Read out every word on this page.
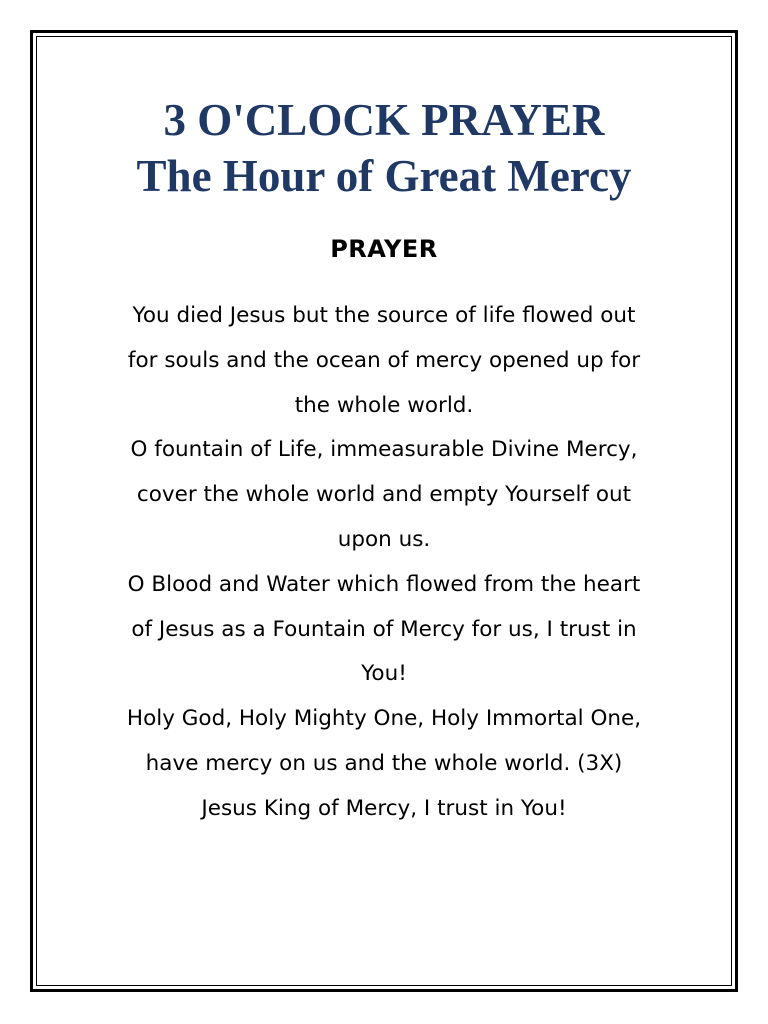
3 O'CLOCK PRAYER
The Hour of Great Mercy
PRAYER
You died Jesus but the source of life flowed out
for souls and the ocean of mercy opened up for
the whole world.
O fountain of Life, immeasurable Divine Mercy,
cover the whole world and empty Yourself out
upon us.
O Blood and Water which flowed from the heart
of Jesus as a Fountain of Mercy for us, I trust in
You!
Holy God, Holy Mighty One, Holy Immortal One,
have mercy on us and the whole world. (3X)
Jesus King of Mercy, I trust in You!
